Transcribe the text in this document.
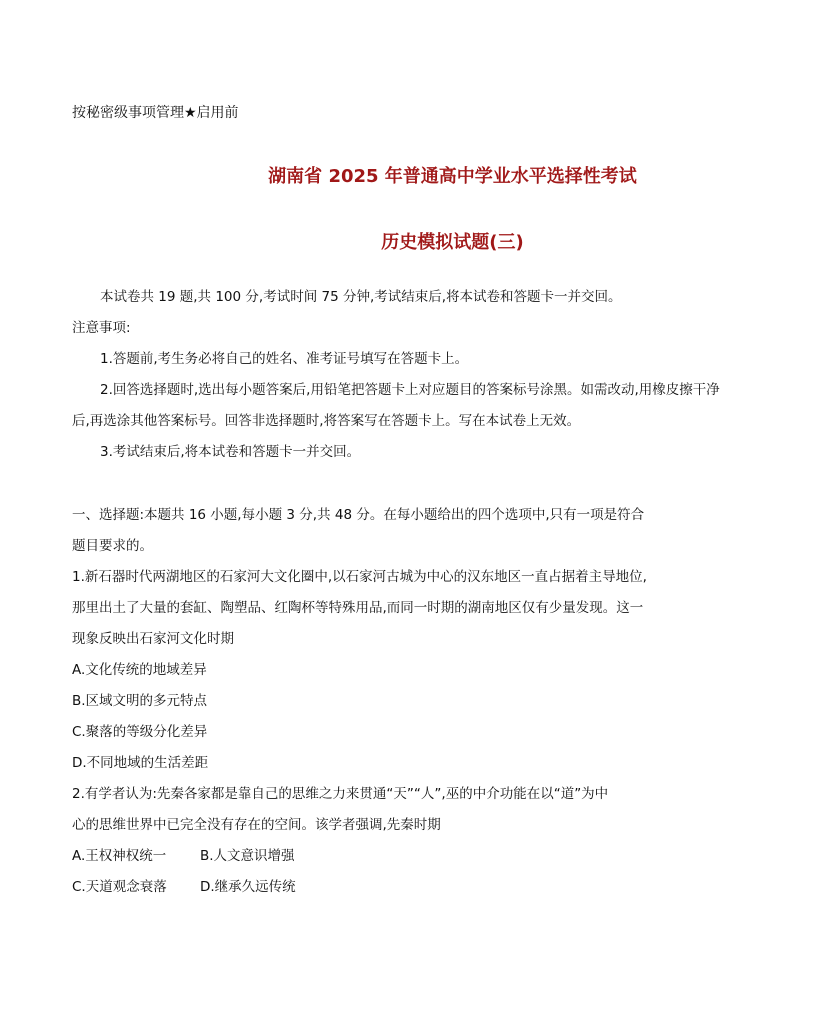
按秘密级事项管理★启用前
湖南省 2025 年普通高中学业水平选择性考试
历史模拟试题(三)
本试卷共 19 题,共 100 分,考试时间 75 分钟,考试结束后,将本试卷和答题卡一并交回。
注意事项:
1.答题前,考生务必将自己的姓名、准考证号填写在答题卡上。
2.回答选择题时,选出每小题答案后,用铅笔把答题卡上对应题目的答案标号涂黑。如需改动,用橡皮擦干净
后,再选涂其他答案标号。回答非选择题时,将答案写在答题卡上。写在本试卷上无效。
3.考试结束后,将本试卷和答题卡一并交回。
一、选择题:本题共 16 小题,每小题 3 分,共 48 分。在每小题给出的四个选项中,只有一项是符合
题目要求的。
1.新石器时代两湖地区的石家河大文化圈中,以石家河古城为中心的汉东地区一直占据着主导地位,
那里出土了大量的套缸、陶塑品、红陶杯等特殊用品,而同一时期的湖南地区仅有少量发现。这一
现象反映出石家河文化时期
A.文化传统的地域差异
B.区域文明的多元特点
C.聚落的等级分化差异
D.不同地域的生活差距
2.有学者认为:先秦各家都是靠自己的思维之力来贯通“天”“人”,巫的中介功能在以“道”为中
心的思维世界中已完全没有存在的空间。该学者强调,先秦时期
A.王权神权统一 B.人文意识增强
C.天道观念衰落 D.继承久远传统
